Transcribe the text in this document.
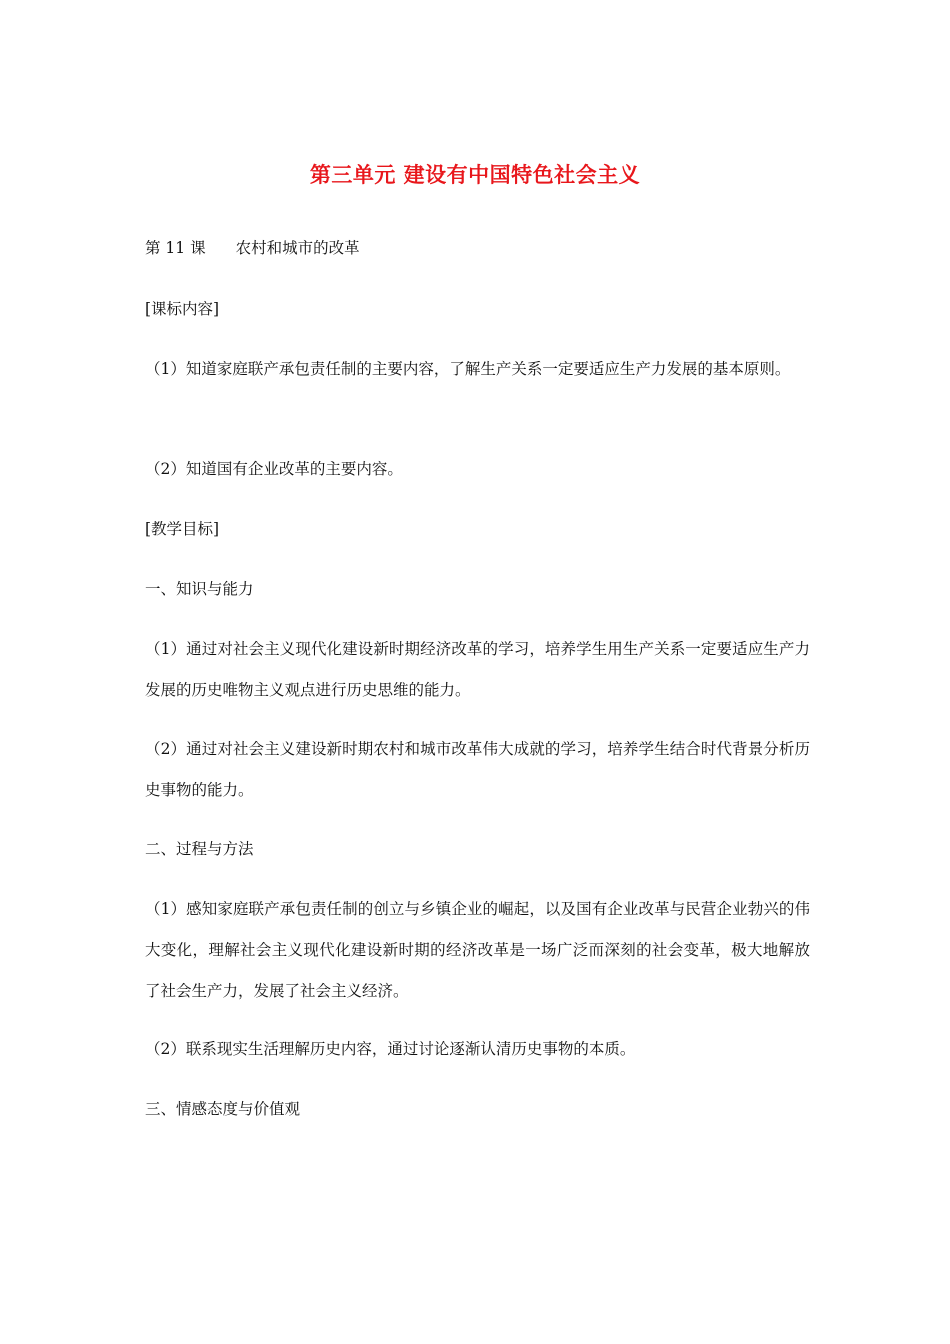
第三单元 建设有中国特色社会主义
第 11 课 农村和城市的改革
[课标内容]
（1）知道家庭联产承包责任制的主要内容，了解生产关系一定要适应生产力发展的基本原则。
（2）知道国有企业改革的主要内容。
[教学目标]
一、知识与能力
（1）通过对社会主义现代化建设新时期经济改革的学习，培养学生用生产关系一定要适应生产力发展的历史唯物主义观点进行历史思维的能力。
（2）通过对社会主义建设新时期农村和城市改革伟大成就的学习，培养学生结合时代背景分析历史事物的能力。
二、过程与方法
（1）感知家庭联产承包责任制的创立与乡镇企业的崛起，以及国有企业改革与民营企业勃兴的伟大变化，理解社会主义现代化建设新时期的经济改革是一场广泛而深刻的社会变革，极大地解放了社会生产力，发展了社会主义经济。
（2）联系现实生活理解历史内容，通过讨论逐渐认清历史事物的本质。
三、情感态度与价值观
